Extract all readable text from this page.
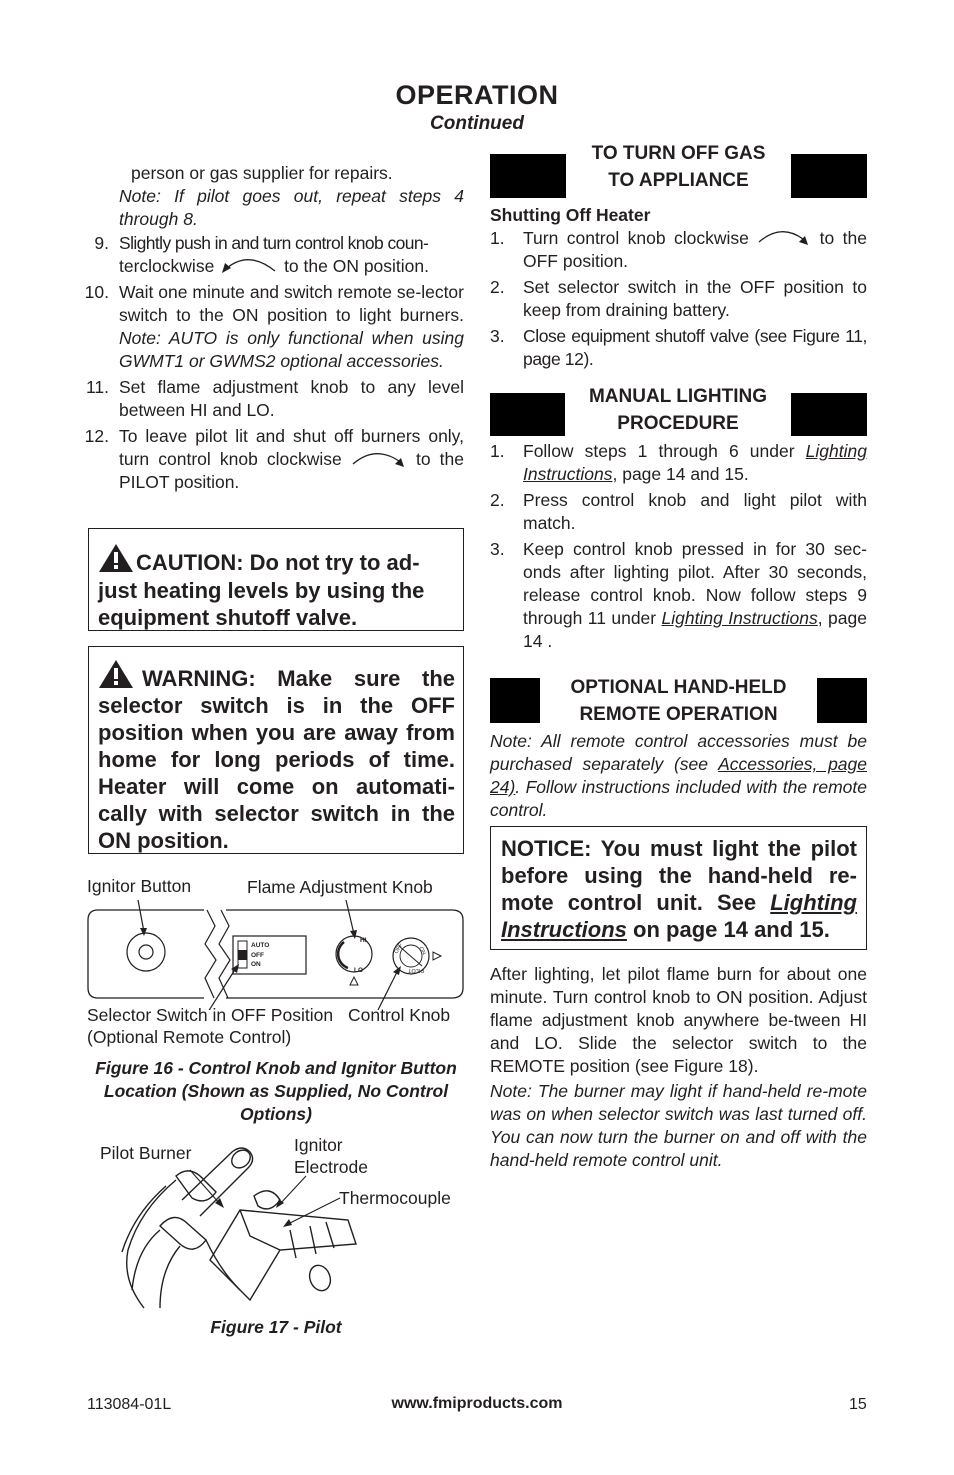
OPERATION
Continued
person or gas supplier for repairs.
Note: If pilot goes out, repeat steps 4 through 8.
9. Slightly push in and turn control knob coun-
terclockwise	to the ON position.
10. Wait one minute and switch remote se-lector switch to the ON position to light burners. Note: AUTO is only functional when using GWMT1 or GWMS2 optional accessories.
11. Set flame adjustment knob to any level between HI and LO.
12. To leave pilot lit and shut off burners only, turn control knob clockwise	to the PILOT position.
CAUTION: Do not try to ad-just heating levels by using the equipment shutoff valve.
WARNING: Make sure the selector switch is in the OFF position when you are away from home for long periods of time. Heater will come on automati-cally with selector switch in the ON position.
Ignitor Button	Flame Adjustment Knob
AUTO
OFF
ON
HI
LO
OFF ON
PILOT
Selector Switch in OFF Position
(Optional Remote Control)
Control Knob
Figure 16 - Control Knob and Ignitor Button Location (Shown as Supplied, No Control Options)
Pilot Burner	Ignitor
Electrode
Thermocouple
Figure 17 - Pilot
TO TURN OFF GAS
TO APPLIANCE
Shutting Off Heater
1. Turn control knob clockwise	to the OFF position.
2. Set selector switch in the OFF position to keep from draining battery.
3. Close equipment shutoff valve (see Figure 11, page 12).
MANUAL LIGHTING
PROCEDURE
1. Follow steps 1 through 6 under Lighting Instructions, page 14 and 15.
2. Press control knob and light pilot with match.
3. Keep control knob pressed in for 30 sec-onds after lighting pilot. After 30 seconds, release control knob. Now follow steps 9 through 11 under Lighting Instructions, page 14 .
OPTIONAL HAND-HELD
REMOTE OPERATION
Note: All remote control accessories must be purchased separately (see Accessories, page 24). Follow instructions included with the remote control.
NOTICE: You must light the pilot before using the hand-held re-mote control unit. See Lighting Instructions on page 14 and 15.
After lighting, let pilot flame burn for about one minute. Turn control knob to ON position. Adjust flame adjustment knob anywhere be-tween HI and LO. Slide the selector switch to the REMOTE position (see Figure 18).
Note: The burner may light if hand-held re-mote was on when selector switch was last turned off. You can now turn the burner on and off with the hand-held remote control unit.
113084-01L	www.fmiproducts.com	15
